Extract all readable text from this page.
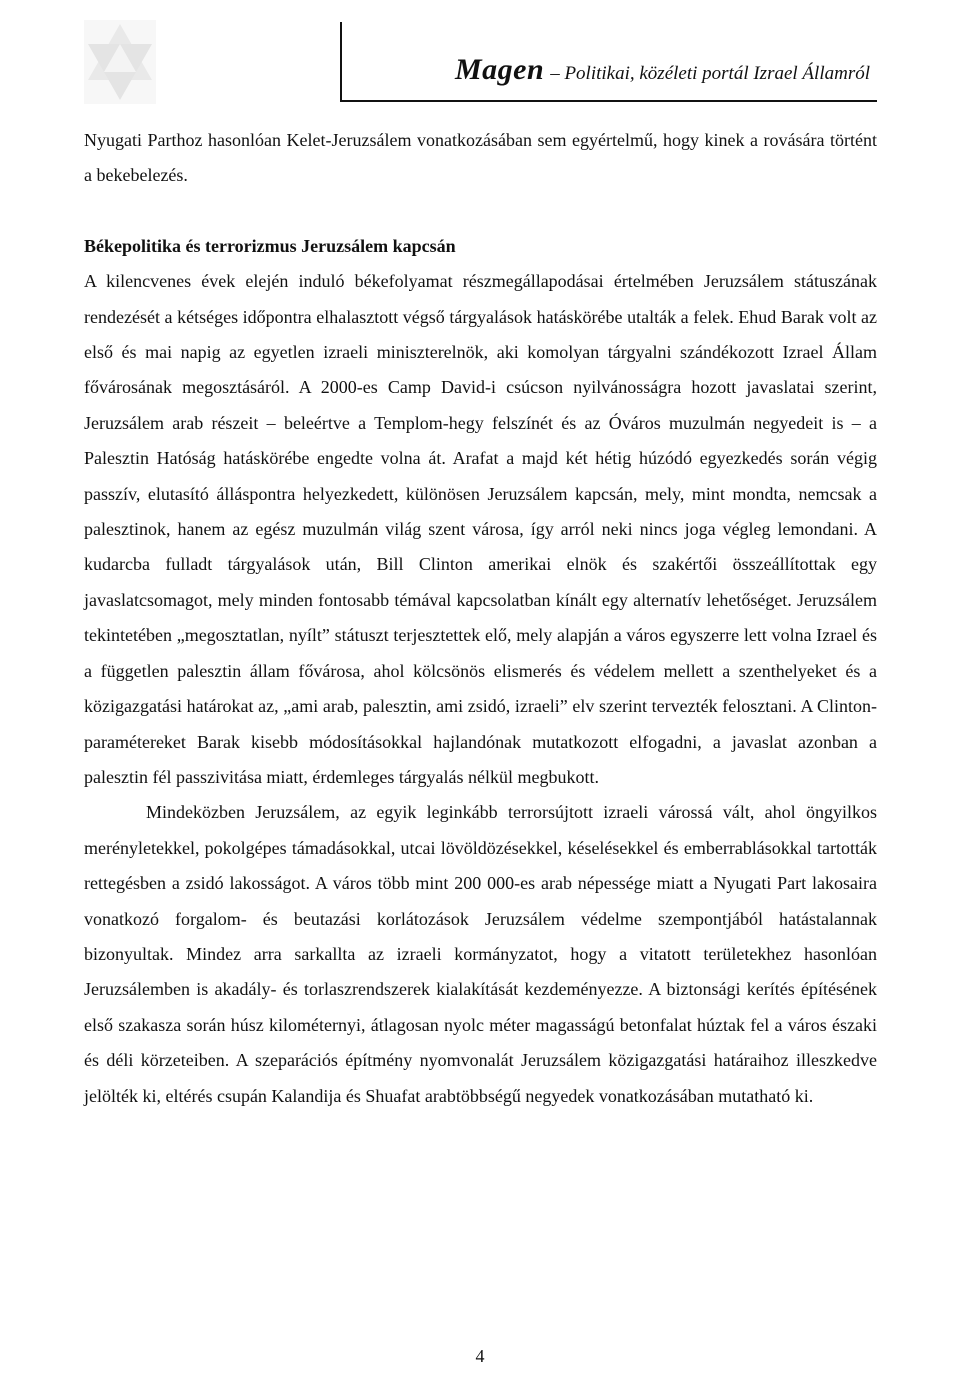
Magen – Politikai, közéleti portál Izrael Államról

Nyugati Parthoz hasonlóan Kelet-Jeruzsálem vonatkozásában sem egyértelmű, hogy kinek a rovására történt a bekebelezés.

Békepolitika és terrorizmus Jeruzsálem kapcsán

A kilencvenes évek elején induló békefolyamat részmegállapodásai értelmében Jeruzsálem státuszának rendezését a kétséges időpontra elhalasztott végső tárgyalások hatáskörébe utalták a felek. Ehud Barak volt az első és mai napig az egyetlen izraeli miniszterelnök, aki komolyan tárgyalni szándékozott Izrael Állam fővárosának megosztásáról. A 2000-es Camp David-i csúcson nyilvánosságra hozott javaslatai szerint, Jeruzsálem arab részeit – beleértve a Templom-hegy felszínét és az Óváros muzulmán negyedeit is – a Palesztin Hatóság hatáskörébe engedte volna át. Arafat a majd két hétig húzódó egyezkedés során végig passzív, elutasító álláspontra helyezkedett, különösen Jeruzsálem kapcsán, mely, mint mondta, nemcsak a palesztinok, hanem az egész muzulmán világ szent városa, így arról neki nincs joga végleg lemondani. A kudarcba fulladt tárgyalások után, Bill Clinton amerikai elnök és szakértői összeállítottak egy javaslatcsomagot, mely minden fontosabb témával kapcsolatban kínált egy alternatív lehetőséget. Jeruzsálem tekintetében „megosztatlan, nyílt” státuszt terjesztettek elő, mely alapján a város egyszerre lett volna Izrael és a független palesztin állam fővárosa, ahol kölcsönös elismerés és védelem mellett a szenthelyeket és a közigazgatási határokat az, „ami arab, palesztin, ami zsidó, izraeli” elv szerint tervezték felosztani. A Clinton-paramétereket Barak kisebb módosításokkal hajlandónak mutatkozott elfogadni, a javaslat azonban a palesztin fél passzivitása miatt, érdemleges tárgyalás nélkül megbukott.

Mindeközben Jeruzsálem, az egyik leginkább terrorsújtott izraeli várossá vált, ahol öngyilkos merényletekkel, pokolgépes támadásokkal, utcai lövöldözésekkel, késelésekkel és emberrablásokkal tartották rettegésben a zsidó lakosságot. A város több mint 200 000-es arab népessége miatt a Nyugati Part lakosaira vonatkozó forgalom- és beutazási korlátozások Jeruzsálem védelme szempontjából hatástalannak bizonyultak. Mindez arra sarkallta az izraeli kormányzatot, hogy a vitatott területekhez hasonlóan Jeruzsálemben is akadály- és torlaszrendszerek kialakítását kezdeményezze. A biztonsági kerítés építésének első szakasza során húsz kilométernyi, átlagosan nyolc méter magasságú betonfalat húztak fel a város északi és déli körzeteiben. A szeparációs építmény nyomvonalát Jeruzsálem közigazgatási határaihoz illeszkedve jelölték ki, eltérés csupán Kalandija és Shuafat arabtöbbségű negyedek vonatkozásában mutatható ki.

4
